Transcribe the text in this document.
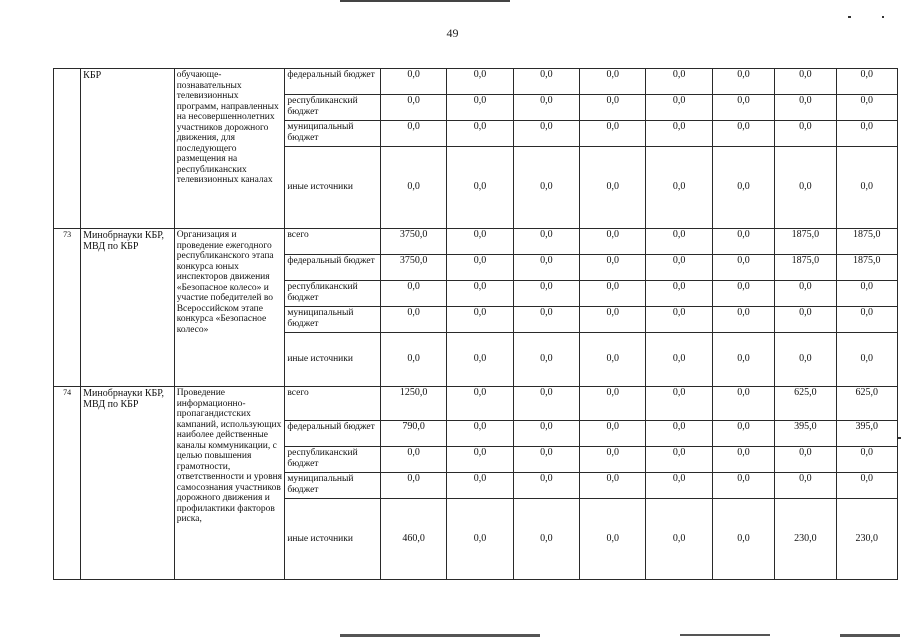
49
	КБР	обучающе-познавательных телевизионных программ, направленных на несовершеннолетних участников дорожного движения, для последующего размещения на республиканских телевизионных каналах	федеральный бюджет	0,0	0,0	0,0	0,0	0,0	0,0	0,0	0,0
			республиканский бюджет	0,0	0,0	0,0	0,0	0,0	0,0	0,0	0,0
			муниципальный бюджет	0,0	0,0	0,0	0,0	0,0	0,0	0,0	0,0
			иные источники	0,0	0,0	0,0	0,0	0,0	0,0	0,0	0,0
73	Минобрнауки КБР, МВД по КБР	Организация и проведение ежегодного республиканского этапа конкурса юных инспекторов движения «Безопасное колесо» и участие победителей во Всероссийском этапе конкурса «Безопасное колесо»	всего	3750,0	0,0	0,0	0,0	0,0	0,0	1875,0	1875,0
			федеральный бюджет	3750,0	0,0	0,0	0,0	0,0	0,0	1875,0	1875,0
			республиканский бюджет	0,0	0,0	0,0	0,0	0,0	0,0	0,0	0,0
			муниципальный бюджет	0,0	0,0	0,0	0,0	0,0	0,0	0,0	0,0
			иные источники	0,0	0,0	0,0	0,0	0,0	0,0	0,0	0,0
74	Минобрнауки КБР, МВД по КБР	Проведение информационно-пропагандистских кампаний, использующих наиболее действенные каналы коммуникации, с целью повышения грамотности, ответственности и уровня самосознания участников дорожного движения и профилактики факторов риска,	всего	1250,0	0,0	0,0	0,0	0,0	0,0	625,0	625,0
			федеральный бюджет	790,0	0,0	0,0	0,0	0,0	0,0	395,0	395,0
			республиканский бюджет	0,0	0,0	0,0	0,0	0,0	0,0	0,0	0,0
			муниципальный бюджет	0,0	0,0	0,0	0,0	0,0	0,0	0,0	0,0
			иные источники	460,0	0,0	0,0	0,0	0,0	0,0	230,0	230,0
